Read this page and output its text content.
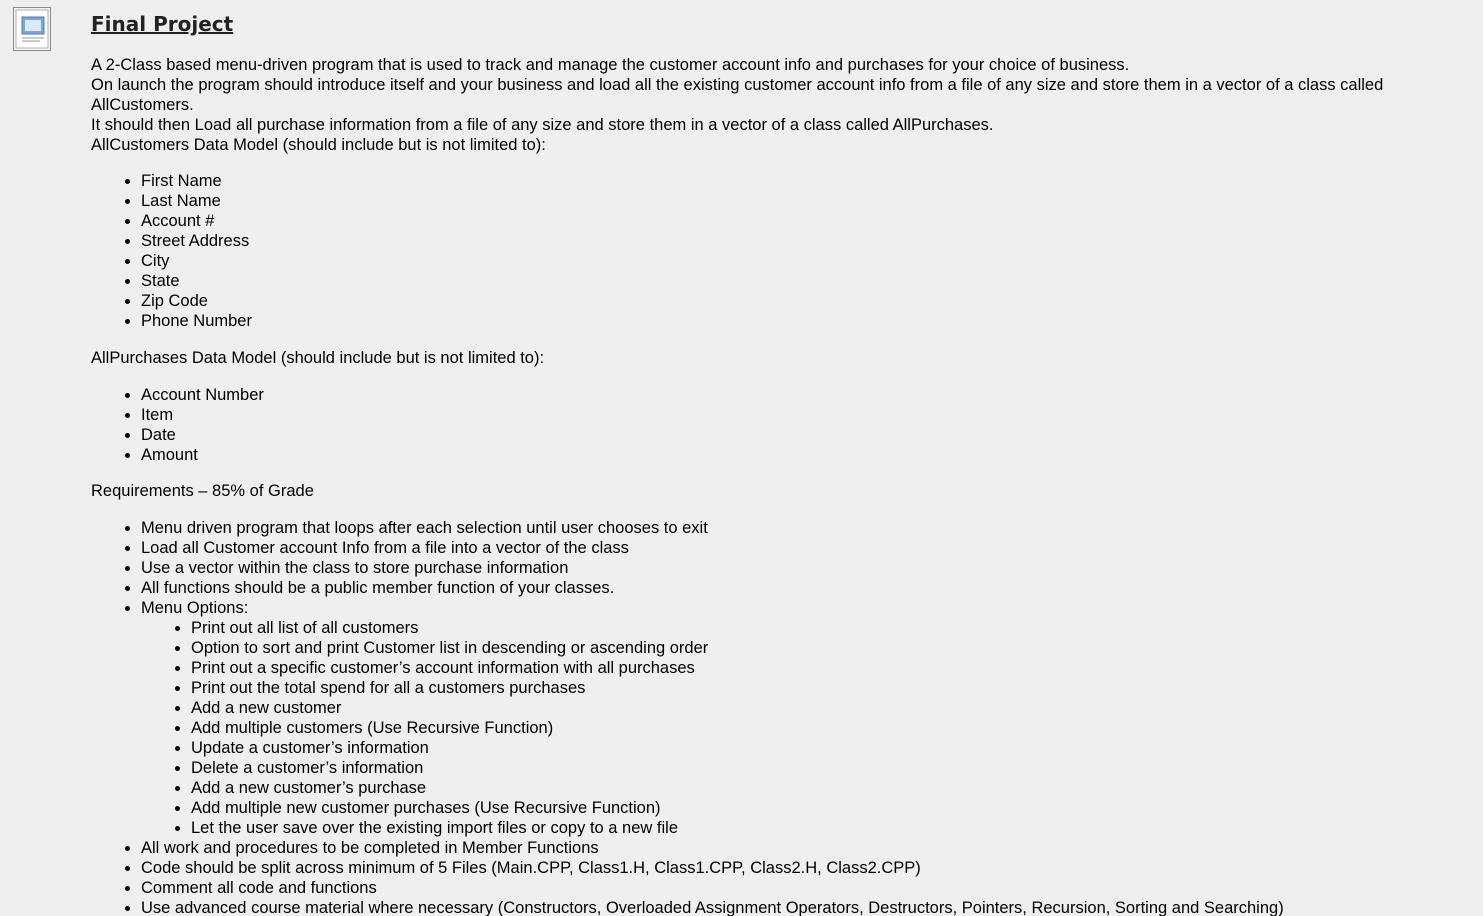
Final Project

A 2-Class based menu-driven program that is used to track and manage the customer account info and purchases for your choice of business.

On launch the program should introduce itself and your business and load all the existing customer account info from a file of any size and store them in a vector of a class called AllCustomers.

It should then Load all purchase information from a file of any size and store them in a vector of a class called AllPurchases.

AllCustomers Data Model (should include but is not limited to):

• First Name
• Last Name
• Account #
• Street Address
• City
• State
• Zip Code
• Phone Number

AllPurchases Data Model (should include but is not limited to):

• Account Number
• Item
• Date
• Amount

Requirements – 85% of Grade

• Menu driven program that loops after each selection until user chooses to exit
• Load all Customer account Info from a file into a vector of the class
• Use a vector within the class to store purchase information
• All functions should be a public member function of your classes.
• Menu Options:
• Print out all list of all customers
• Option to sort and print Customer list in descending or ascending order
• Print out a specific customer’s account information with all purchases
• Print out the total spend for all a customers purchases
• Add a new customer
• Add multiple customers (Use Recursive Function)
• Update a customer’s information
• Delete a customer’s information
• Add a new customer’s purchase
• Add multiple new customer purchases (Use Recursive Function)
• Let the user save over the existing import files or copy to a new file
• All work and procedures to be completed in Member Functions
• Code should be split across minimum of 5 Files (Main.CPP, Class1.H, Class1.CPP, Class2.H, Class2.CPP)
• Comment all code and functions
• Use advanced course material where necessary (Constructors, Overloaded Assignment Operators, Destructors, Pointers, Recursion, Sorting and Searching)
